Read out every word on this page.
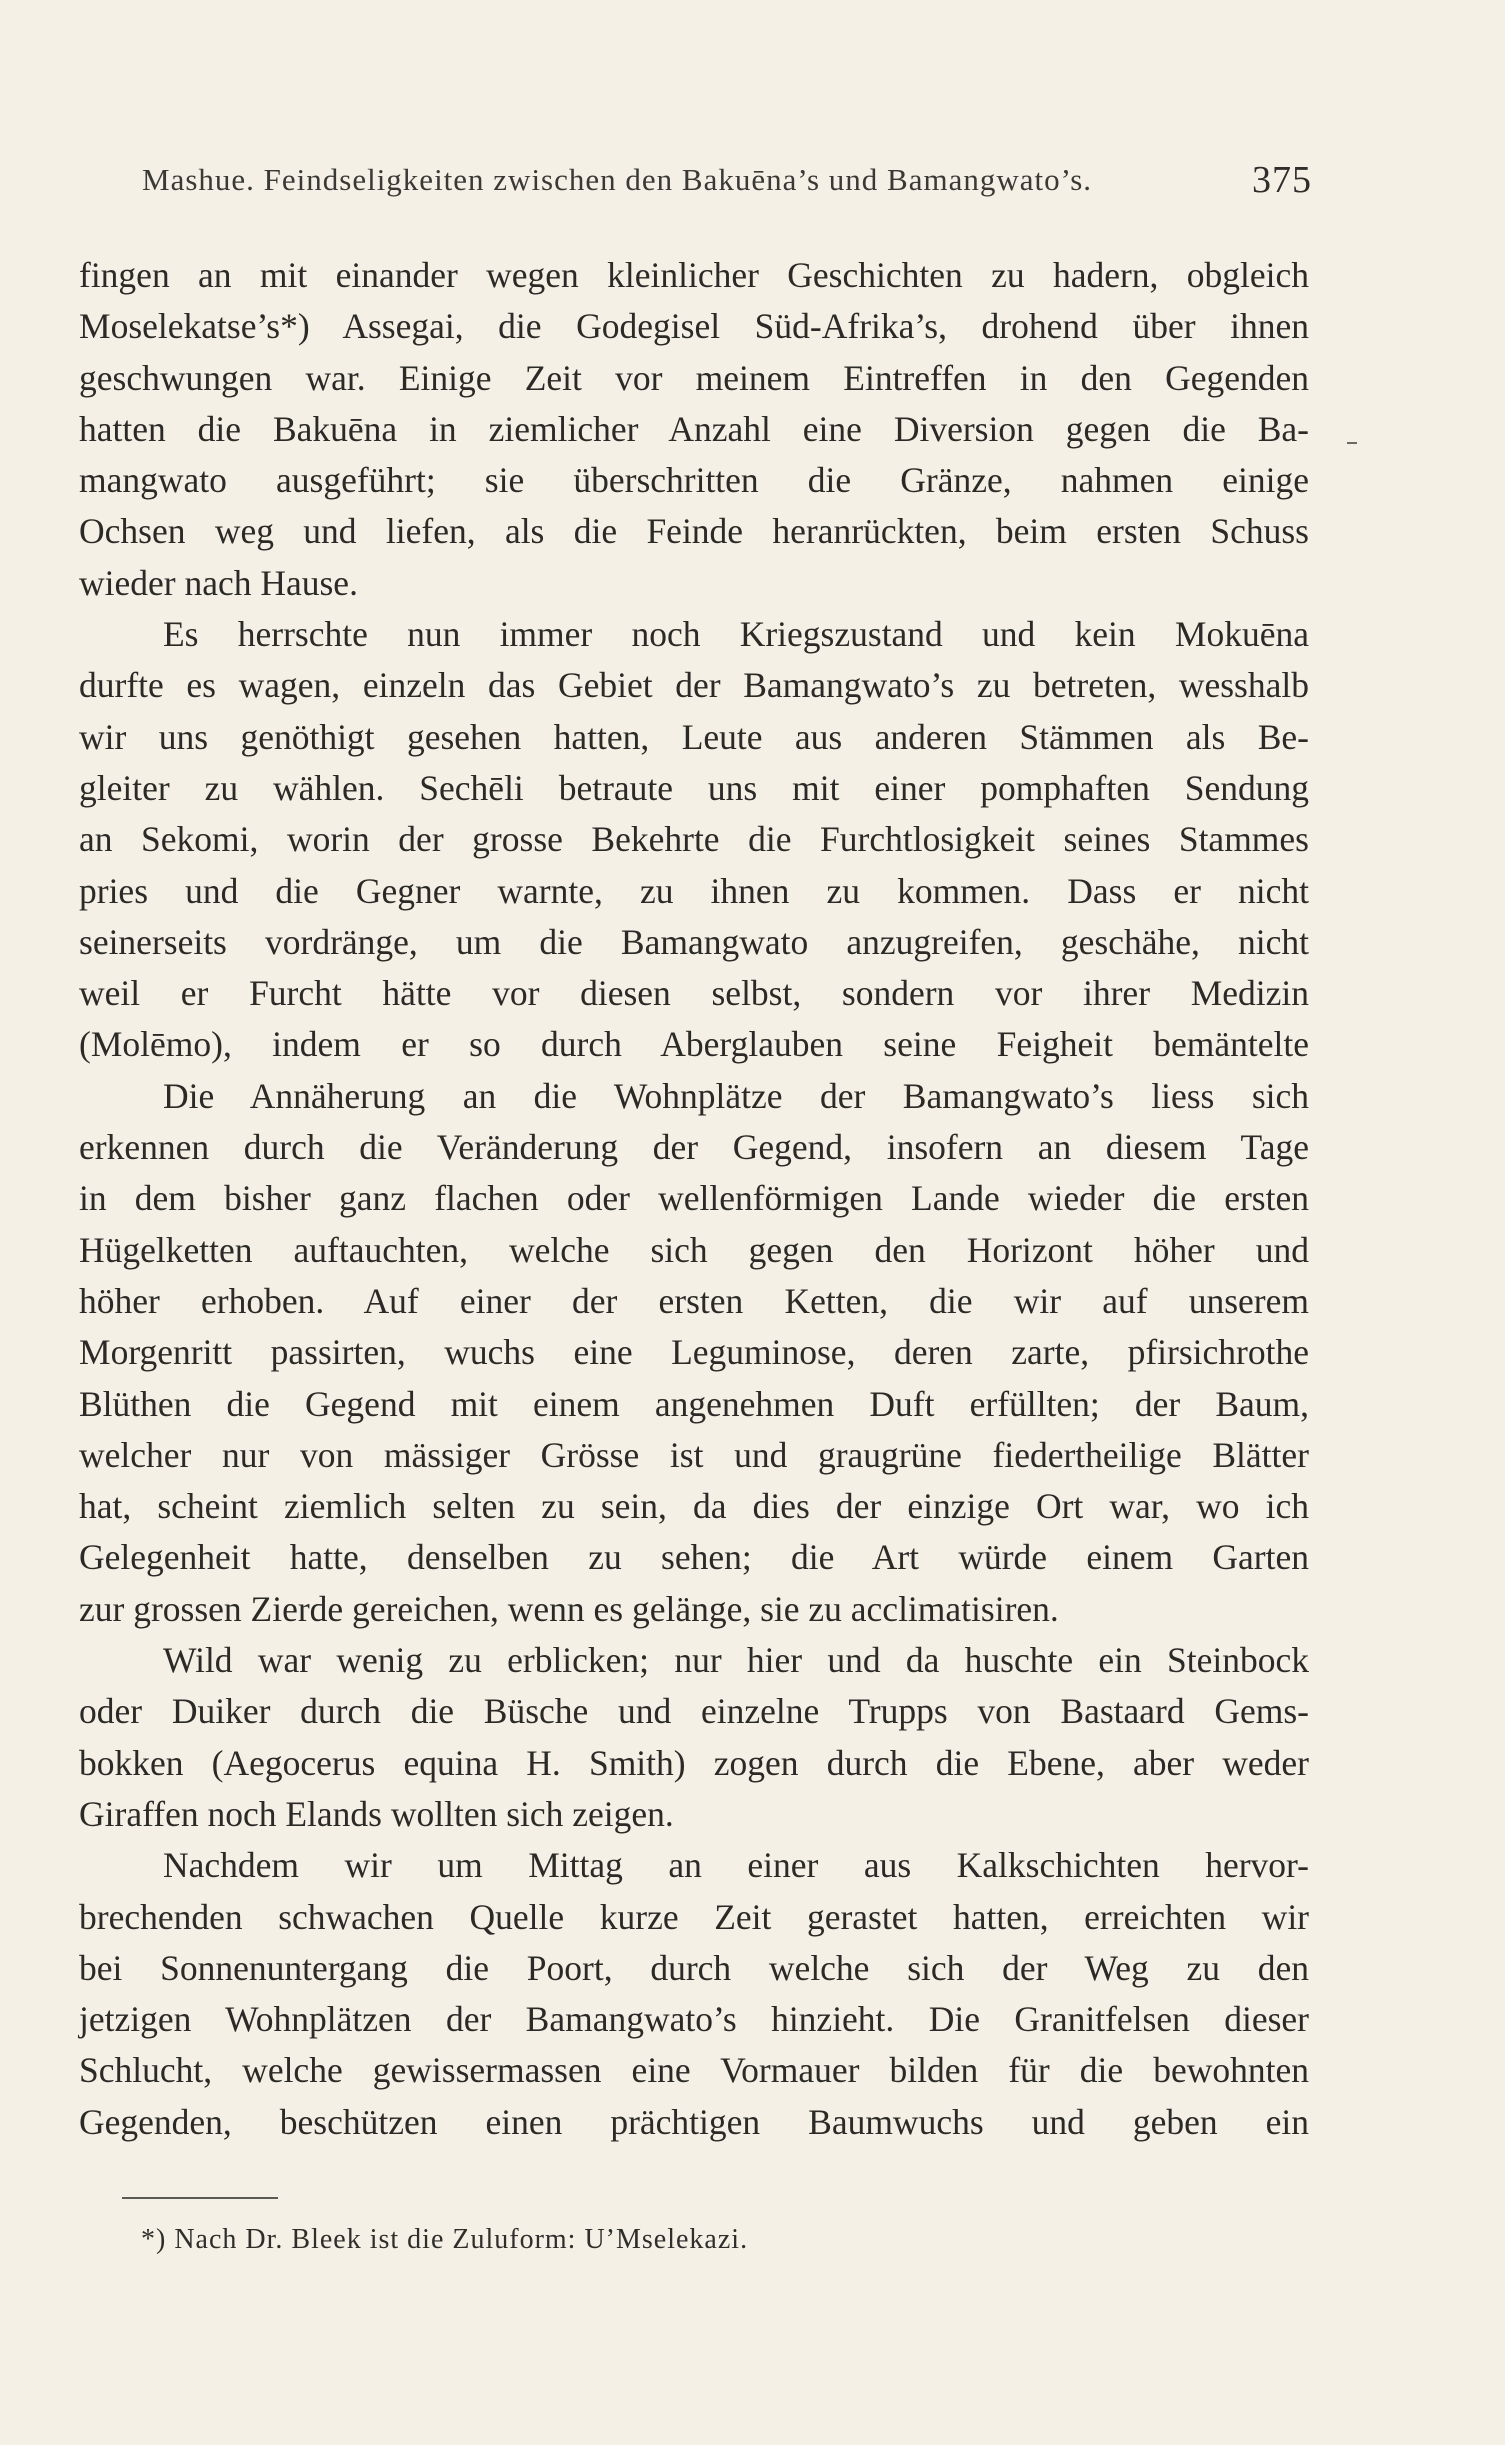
Mashue. Feindseligkeiten zwischen den Bakuēna’s und Bamangwato’s.	375
fingen an mit einander wegen kleinlicher Geschichten zu hadern, obgleich
Moselekatse’s*) Assegai, die Godegisel Süd-Afrika’s, drohend über ihnen
geschwungen war. Einige Zeit vor meinem Eintreffen in den Gegenden
hatten die Bakuēna in ziemlicher Anzahl eine Diversion gegen die Ba-
mangwato ausgeführt; sie überschritten die Gränze, nahmen einige
Ochsen weg und liefen, als die Feinde heranrückten, beim ersten Schuss
wieder nach Hause.
Es herrschte nun immer noch Kriegszustand und kein Mokuēna
durfte es wagen, einzeln das Gebiet der Bamangwato’s zu betreten, wesshalb
wir uns genöthigt gesehen hatten, Leute aus anderen Stämmen als Be-
gleiter zu wählen. Sechēli betraute uns mit einer pomphaften Sendung
an Sekomi, worin der grosse Bekehrte die Furchtlosigkeit seines Stammes
pries und die Gegner warnte, zu ihnen zu kommen. Dass er nicht
seinerseits vordränge, um die Bamangwato anzugreifen, geschähe, nicht
weil er Furcht hätte vor diesen selbst, sondern vor ihrer Medizin
(Molēmo), indem er so durch Aberglauben seine Feigheit bemäntelte
Die Annäherung an die Wohnplätze der Bamangwato’s liess sich
erkennen durch die Veränderung der Gegend, insofern an diesem Tage
in dem bisher ganz flachen oder wellenförmigen Lande wieder die ersten
Hügelketten auftauchten, welche sich gegen den Horizont höher und
höher erhoben. Auf einer der ersten Ketten, die wir auf unserem
Morgenritt passirten, wuchs eine Leguminose, deren zarte, pfirsichrothe
Blüthen die Gegend mit einem angenehmen Duft erfüllten; der Baum,
welcher nur von mässiger Grösse ist und graugrüne fiedertheilige Blätter
hat, scheint ziemlich selten zu sein, da dies der einzige Ort war, wo ich
Gelegenheit hatte, denselben zu sehen; die Art würde einem Garten
zur grossen Zierde gereichen, wenn es gelänge, sie zu acclimatisiren.
Wild war wenig zu erblicken; nur hier und da huschte ein Steinbock
oder Duiker durch die Büsche und einzelne Trupps von Bastaard Gems-
bokken (Aegocerus equina H. Smith) zogen durch die Ebene, aber weder
Giraffen noch Elands wollten sich zeigen.
Nachdem wir um Mittag an einer aus Kalkschichten hervor-
brechenden schwachen Quelle kurze Zeit gerastet hatten, erreichten wir
bei Sonnenuntergang die Poort, durch welche sich der Weg zu den
jetzigen Wohnplätzen der Bamangwato’s hinzieht. Die Granitfelsen dieser
Schlucht, welche gewissermassen eine Vormauer bilden für die bewohnten
Gegenden, beschützen einen prächtigen Baumwuchs und geben ein
*) Nach Dr. Bleek ist die Zuluform: U’Mselekazi.
